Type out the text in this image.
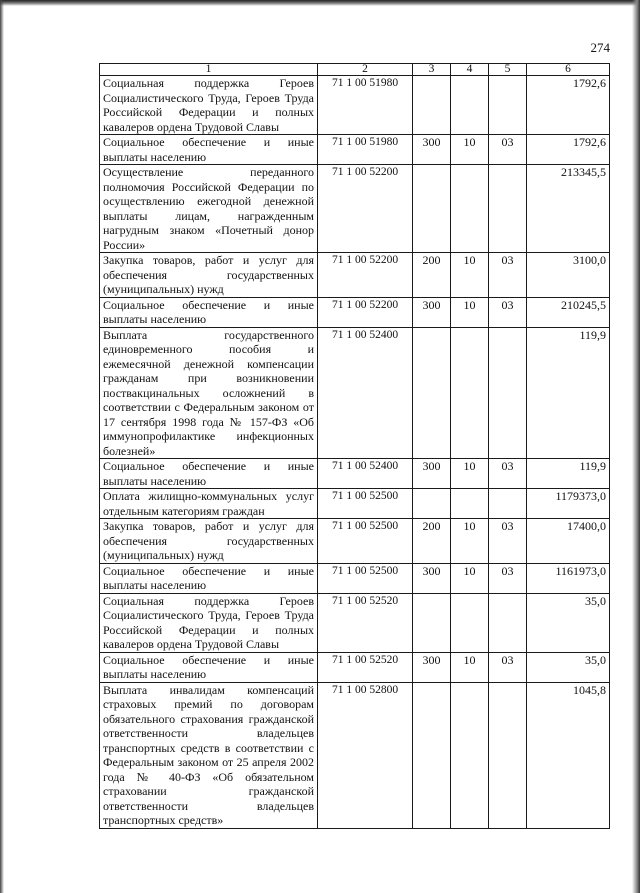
274
1	2	3	4	5	6
Социальная поддержка Героев Социалистического Труда, Героев Труда Российской Федерации и полных кавалеров ордена Трудовой Славы	71 1 00 51980				1792,6
Социальное обеспечение и иные выплаты населению	71 1 00 51980	300	10	03	1792,6
Осуществление переданного полномочия Российской Федерации по осуществлению ежегодной денежной выплаты лицам, награжденным нагрудным знаком «Почетный донор России»	71 1 00 52200				213345,5
Закупка товаров, работ и услуг для обеспечения государственных (муниципальных) нужд	71 1 00 52200	200	10	03	3100,0
Социальное обеспечение и иные выплаты населению	71 1 00 52200	300	10	03	210245,5
Выплата государственного единовременного пособия и ежемесячной денежной компенсации гражданам при возникновении поствакцинальных осложнений в соответствии с Федеральным законом от 17 сентября 1998 года № 157-ФЗ «Об иммунопрофилактике инфекционных болезней»	71 1 00 52400				119,9
Социальное обеспечение и иные выплаты населению	71 1 00 52400	300	10	03	119,9
Оплата жилищно-коммунальных услуг отдельным категориям граждан	71 1 00 52500				1179373,0
Закупка товаров, работ и услуг для обеспечения государственных (муниципальных) нужд	71 1 00 52500	200	10	03	17400,0
Социальное обеспечение и иные выплаты населению	71 1 00 52500	300	10	03	1161973,0
Социальная поддержка Героев Социалистического Труда, Героев Труда Российской Федерации и полных кавалеров ордена Трудовой Славы	71 1 00 52520				35,0
Социальное обеспечение и иные выплаты населению	71 1 00 52520	300	10	03	35,0
Выплата инвалидам компенсаций страховых премий по договорам обязательного страхования гражданской ответственности владельцев транспортных средств в соответствии с Федеральным законом от 25 апреля 2002 года № 40-ФЗ «Об обязательном страховании гражданской ответственности владельцев транспортных средств»	71 1 00 52800				1045,8
